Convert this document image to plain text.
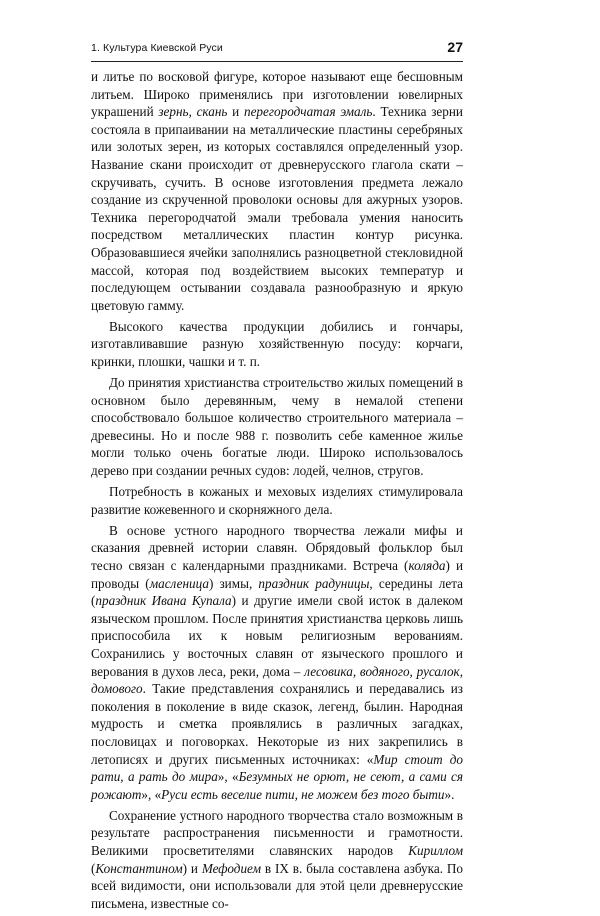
1. Культура Киевской Руси	27

и литье по восковой фигуре, которое называют еще бесшовным литьем. Широко применялись при изготовлении ювелирных украшений зернь, скань и перегородчатая эмаль. Техника зерни состояла в припаивании на металлические пластины серебряных или золотых зерен, из которых составлялся определенный узор. Название скани происходит от древнерусского глагола скати – скручивать, сучить. В основе изготовления предмета лежало создание из скрученной проволоки основы для ажурных узоров. Техника перегородчатой эмали требовала умения наносить посредством металлических пластин контур рисунка. Образовавшиеся ячейки заполнялись разноцветной стекловидной массой, которая под воздействием высоких температур и последующем остывании создавала разнообразную и яркую цветовую гамму.

Высокого качества продукции добились и гончары, изготавливавшие разную хозяйственную посуду: корчаги, кринки, плошки, чашки и т. п.

До принятия христианства строительство жилых помещений в основном было деревянным, чему в немалой степени способствовало большое количество строительного материала – древесины. Но и после 988 г. позволить себе каменное жилье могли только очень богатые люди. Широко использовалось дерево при создании речных судов: лодей, челнов, стругов.

Потребность в кожаных и меховых изделиях стимулировала развитие кожевенного и скорняжного дела.

В основе устного народного творчества лежали мифы и сказания древней истории славян. Обрядовый фольклор был тесно связан с календарными праздниками. Встреча (коляда) и проводы (масленица) зимы, праздник радуницы, середины лета (праздник Ивана Купала) и другие имели свой исток в далеком языческом прошлом. После принятия христианства церковь лишь приспособила их к новым религиозным верованиям. Сохранились у восточных славян от языческого прошлого и верования в духов леса, реки, дома – лесовика, водяного, русалок, домового. Такие представления сохранялись и передавались из поколения в поколение в виде сказок, легенд, былин. Народная мудрость и сметка проявлялись в различных загадках, пословицах и поговорках. Некоторые из них закрепились в летописях и других письменных источниках: «Мир стоит до рати, а рать до мира», «Безумных не орют, не сеют, а сами ся рожают», «Руси есть веселие пити, не можем без того быти».

Сохранение устного народного творчества стало возможным в результате распространения письменности и грамотности. Великими просветителями славянских народов Кириллом (Константином) и Мефодием в IX в. была составлена азбука. По всей видимости, они использовали для этой цели древнерусские письмена, известные со-
